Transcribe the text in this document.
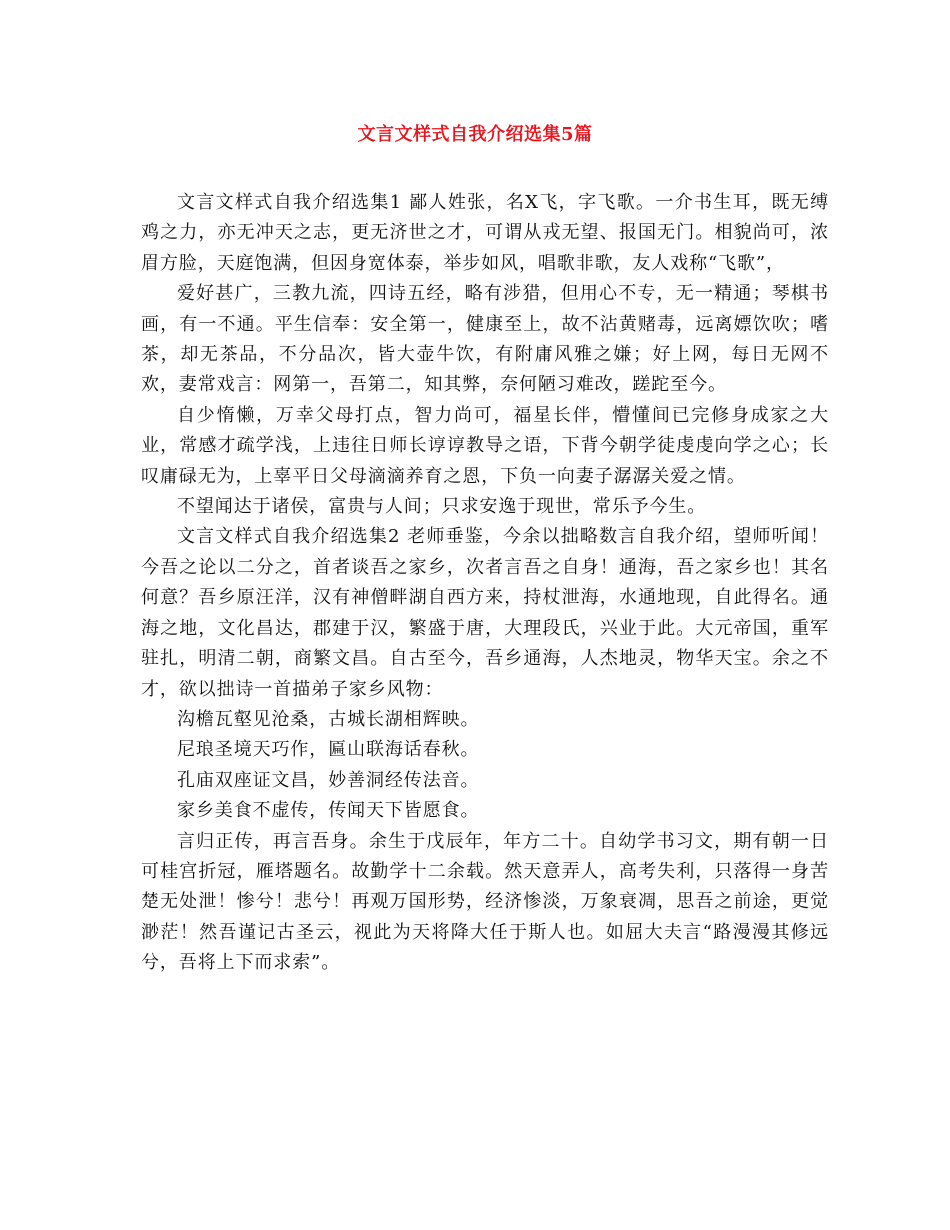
文言文样式自我介绍选集5篇

文言文样式自我介绍选集1 鄙人姓张，名X飞，字飞歌。一介书生耳，既无缚鸡之力，亦无冲天之志，更无济世之才，可谓从戎无望、报国无门。相貌尚可，浓眉方脸，天庭饱满，但因身宽体泰，举步如风，唱歌非歌，友人戏称“飞歌”，

爱好甚广，三教九流，四诗五经，略有涉猎，但用心不专，无一精通；琴棋书画，有一不通。平生信奉：安全第一，健康至上，故不沾黄赌毒，远离嫖饮吹；嗜茶，却无茶品，不分品次，皆大壶牛饮，有附庸风雅之嫌；好上网，每日无网不欢，妻常戏言：网第一，吾第二，知其弊，奈何陋习难改，蹉跎至今。

自少惰懒，万幸父母打点，智力尚可，福星长伴，懵懂间已完修身成家之大业，常感才疏学浅，上违往日师长谆谆教导之语，下背今朝学徒虔虔向学之心；长叹庸碌无为，上辜平日父母滴滴养育之恩，下负一向妻子潺潺关爱之情。

不望闻达于诸侯，富贵与人间；只求安逸于现世，常乐予今生。

文言文样式自我介绍选集2 老师垂鉴，今余以拙略数言自我介绍，望师听闻！今吾之论以二分之，首者谈吾之家乡，次者言吾之自身！通海，吾之家乡也！其名何意？吾乡原汪洋，汉有神僧畔湖自西方来，持杖泄海，水通地现，自此得名。通海之地，文化昌达，郡建于汉，繁盛于唐，大理段氏，兴业于此。大元帝国，重军驻扎，明清二朝，商繁文昌。自古至今，吾乡通海，人杰地灵，物华天宝。余之不才，欲以拙诗一首描弟子家乡风物：

沟檐瓦壑见沧桑，古城长湖相辉映。

尼琅圣境天巧作，匾山联海话春秋。

孔庙双座证文昌，妙善洞经传法音。

家乡美食不虚传，传闻天下皆愿食。

言归正传，再言吾身。余生于戊辰年，年方二十。自幼学书习文，期有朝一日可桂宫折冠，雁塔题名。故勤学十二余载。然天意弄人，高考失利，只落得一身苦楚无处泄！惨兮！悲兮！再观万国形势，经济惨淡，万象衰凋，思吾之前途，更觉渺茫！然吾谨记古圣云，视此为天将降大任于斯人也。如屈大夫言“路漫漫其修远兮，吾将上下而求索”。
